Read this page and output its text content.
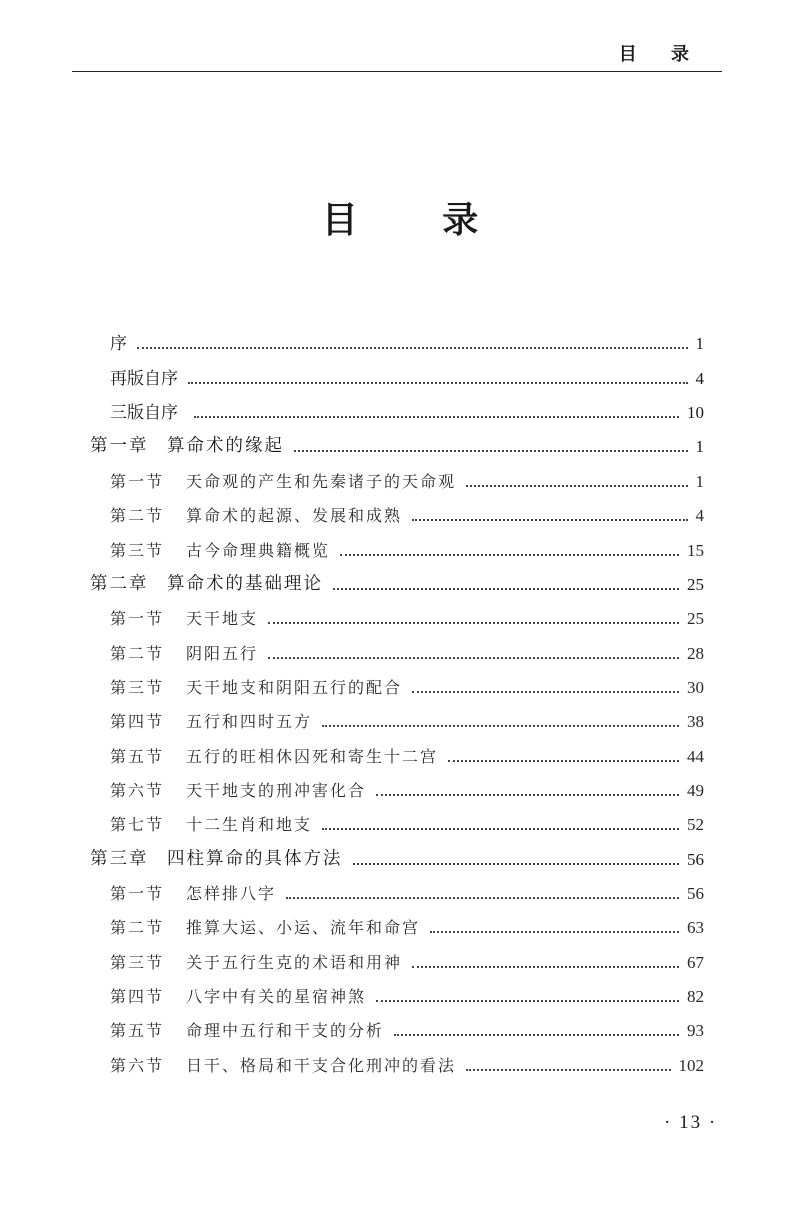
目 录
目 录
序	1
再版自序	4
三版自序	10
第一章 算命术的缘起	1
第一节 天命观的产生和先秦诸子的天命观	1
第二节 算命术的起源、发展和成熟	4
第三节 古今命理典籍概览	15
第二章 算命术的基础理论	25
第一节 天干地支	25
第二节 阴阳五行	28
第三节 天干地支和阴阳五行的配合	30
第四节 五行和四时五方	38
第五节 五行的旺相休囚死和寄生十二宫	44
第六节 天干地支的刑冲害化合	49
第七节 十二生肖和地支	52
第三章 四柱算命的具体方法	56
第一节 怎样排八字	56
第二节 推算大运、小运、流年和命宫	63
第三节 关于五行生克的术语和用神	67
第四节 八字中有关的星宿神煞	82
第五节 命理中五行和干支的分析	93
第六节 日干、格局和干支合化刑冲的看法	102
· 13 ·
